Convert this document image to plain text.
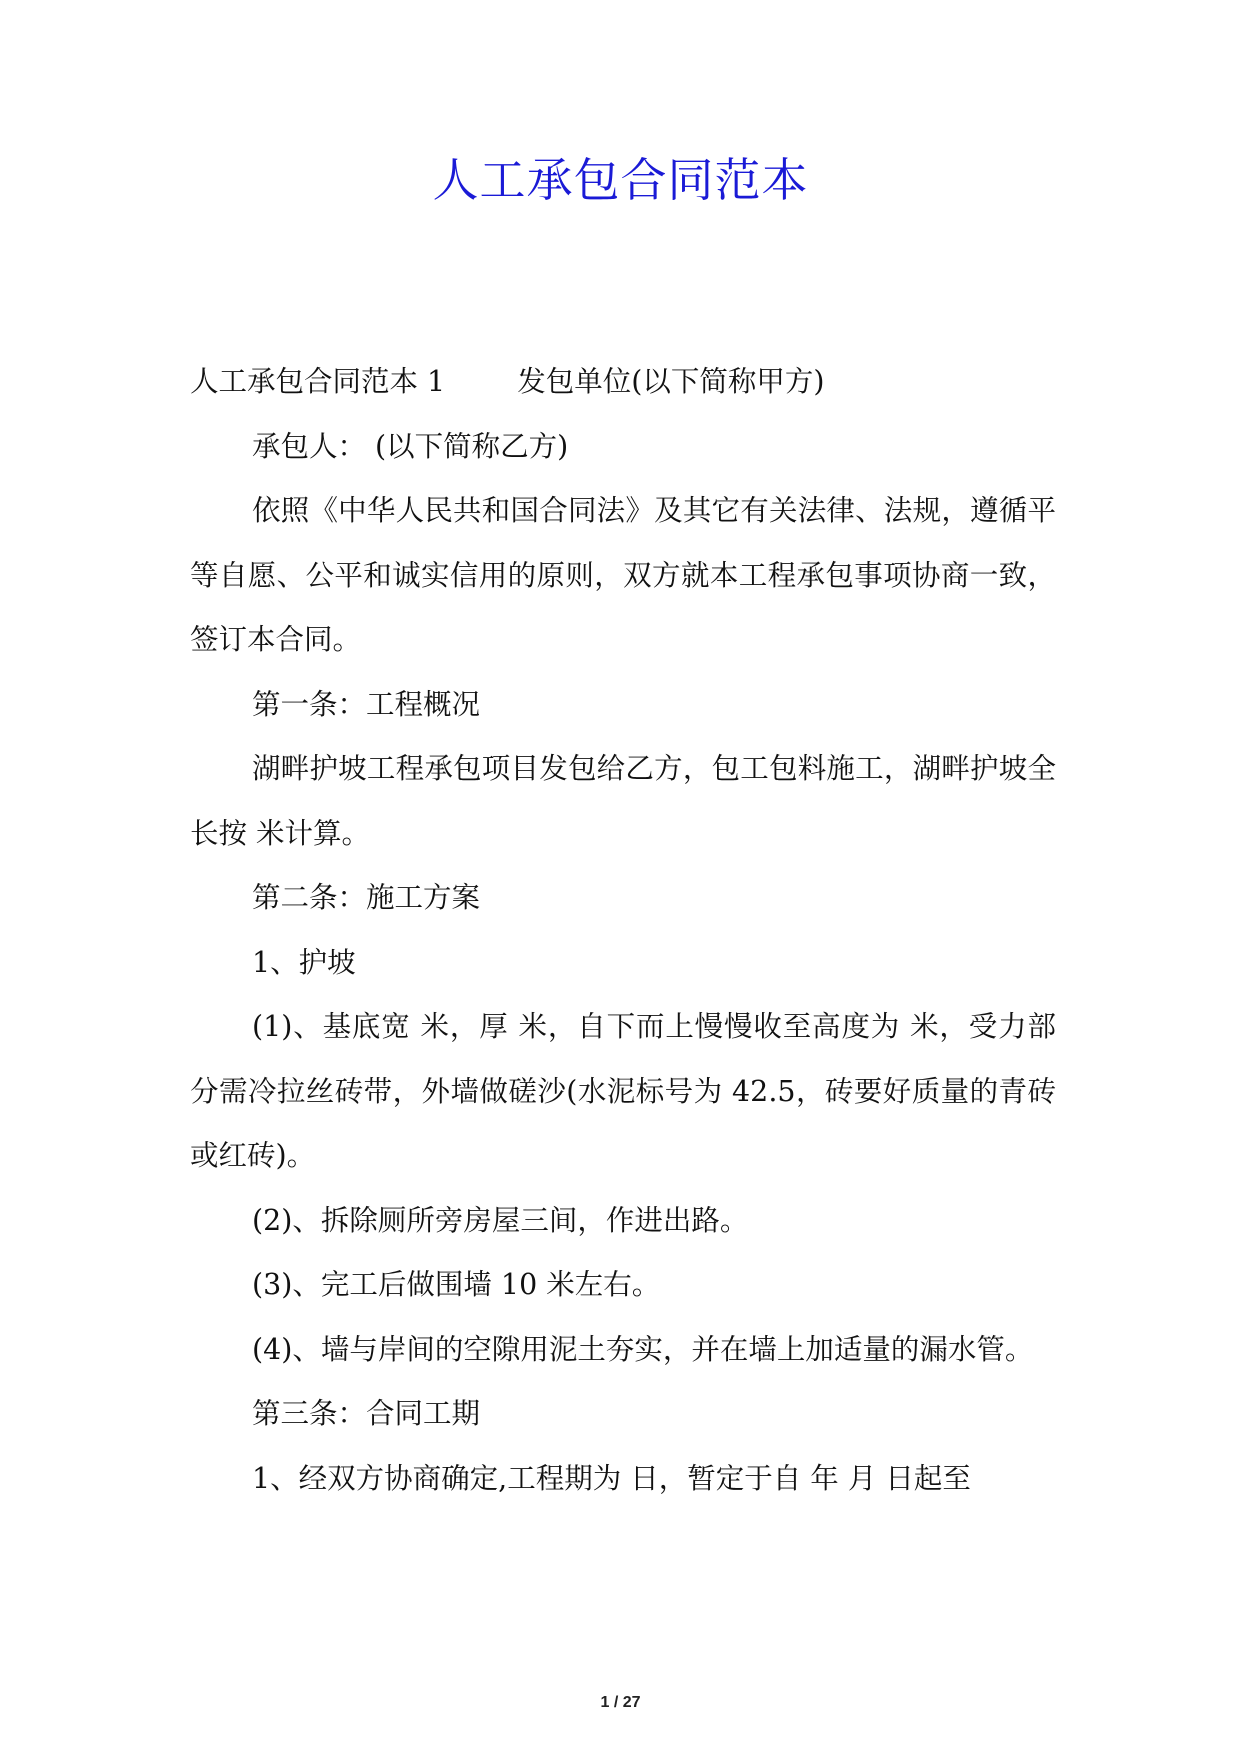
人工承包合同范本

人工承包合同范本 1	发包单位(以下简称甲方)

承包人： (以下简称乙方)

依照《中华人民共和国合同法》及其它有关法律、法规，遵循平等自愿、公平和诚实信用的原则，双方就本工程承包事项协商一致，签订本合同。

第一条：工程概况

湖畔护坡工程承包项目发包给乙方，包工包料施工，湖畔护坡全长按 米计算。

第二条：施工方案

1、护坡

(1)、基底宽 米，厚 米，自下而上慢慢收至高度为 米，受力部分需冷拉丝砖带，外墙做磋沙(水泥标号为 42.5，砖要好质量的青砖或红砖)。

(2)、拆除厕所旁房屋三间，作进出路。

(3)、完工后做围墙 10 米左右。

(4)、墙与岸间的空隙用泥土夯实，并在墙上加适量的漏水管。

第三条：合同工期

1、经双方协商确定,工程期为 日，暂定于自 年 月 日起至

1 / 27
